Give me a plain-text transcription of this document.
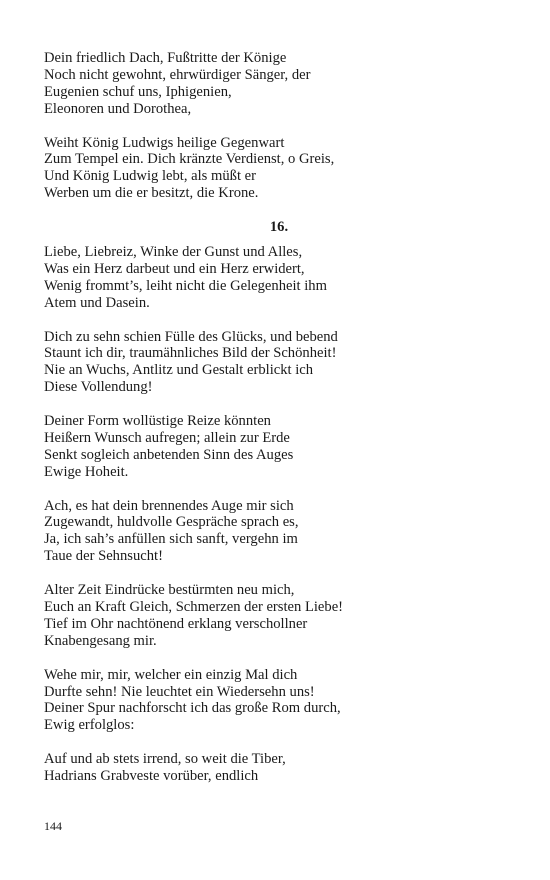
Dein friedlich Dach, Fußtritte der Könige
Noch nicht gewohnt, ehrwürdiger Sänger, der
Eugenien schuf uns, Iphigenien,
Eleonoren und Dorothea,
Weiht König Ludwigs heilige Gegenwart
Zum Tempel ein. Dich kränzte Verdienst, o Greis,
Und König Ludwig lebt, als müßt er
Werben um die er besitzt, die Krone.
16.
Liebe, Liebreiz, Winke der Gunst und Alles,
Was ein Herz darbeut und ein Herz erwidert,
Wenig frommt’s, leiht nicht die Gelegenheit ihm
Atem und Dasein.
Dich zu sehn schien Fülle des Glücks, und bebend
Staunt ich dir, traumähnliches Bild der Schönheit!
Nie an Wuchs, Antlitz und Gestalt erblickt ich
Diese Vollendung!
Deiner Form wollüstige Reize könnten
Heißern Wunsch aufregen; allein zur Erde
Senkt sogleich anbetenden Sinn des Auges
Ewige Hoheit.
Ach, es hat dein brennendes Auge mir sich
Zugewandt, huldvolle Gespräche sprach es,
Ja, ich sah’s anfüllen sich sanft, vergehn im
Taue der Sehnsucht!
Alter Zeit Eindrücke bestürmten neu mich,
Euch an Kraft Gleich, Schmerzen der ersten Liebe!
Tief im Ohr nachtönend erklang verschollner
Knabengesang mir.
Wehe mir, mir, welcher ein einzig Mal dich
Durfte sehn! Nie leuchtet ein Wiedersehn uns!
Deiner Spur nachforscht ich das große Rom durch,
Ewig erfolglos:
Auf und ab stets irrend, so weit die Tiber,
Hadrians Grabveste vorüber, endlich
144
